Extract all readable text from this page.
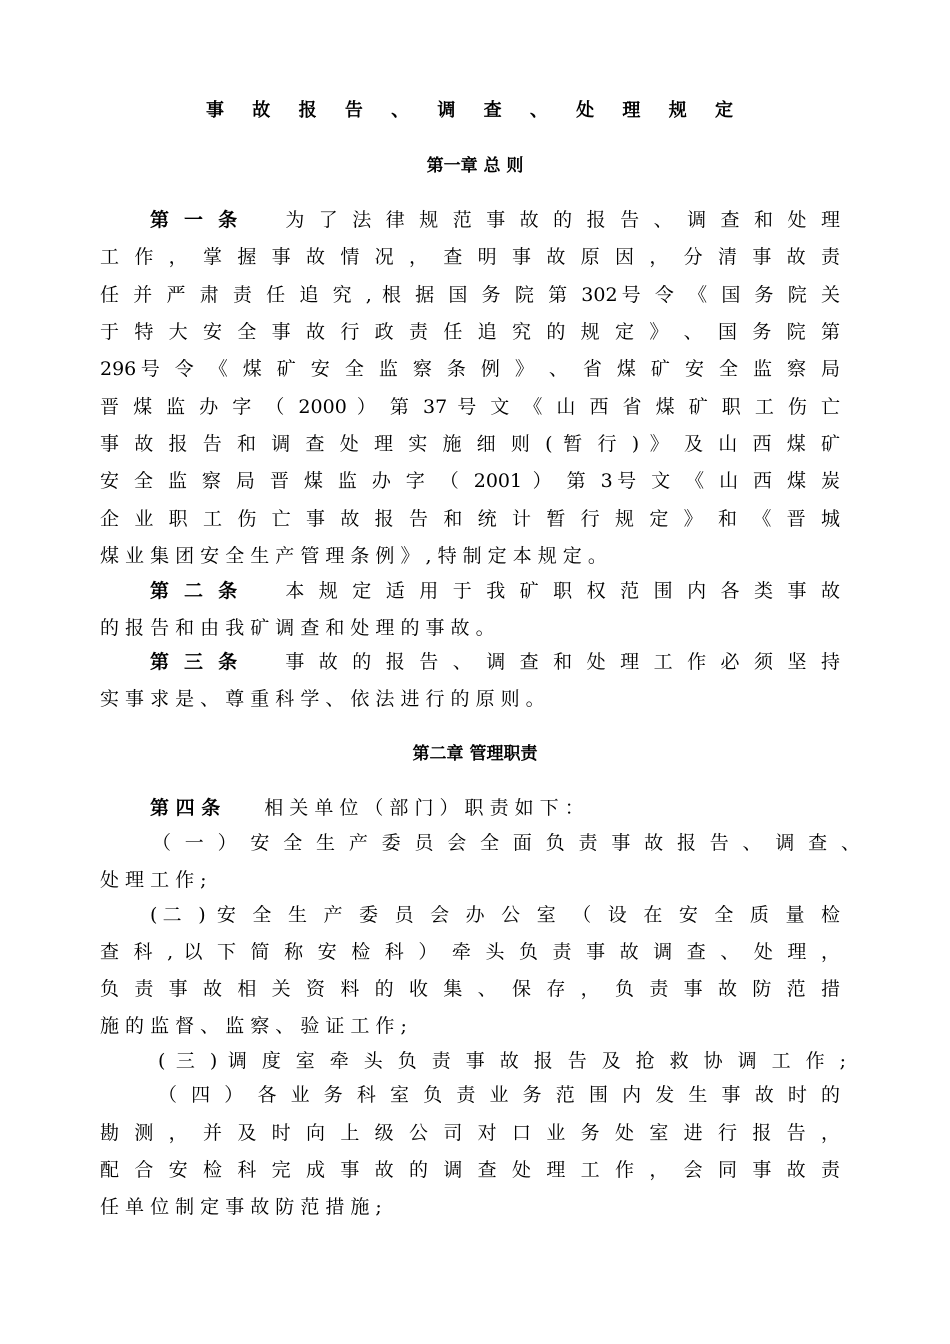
事 故 报 告 、 调 查 、 处 理 规 定
第一章 总 则
第 一 条 为 了 法 律 规 范 事 故 的 报 告 、 调 查 和 处 理
工 作 ， 掌 握 事 故 情 况 ， 查 明 事 故 原 因 ， 分 清 事 故 责
任 并 严 肃 责 任 追 究 , 根 据 国 务 院 第 302号 令 《 国 务 院 关
于 特 大 安 全 事 故 行 政 责 任 追 究 的 规 定 》 、 国 务 院 第
296号 令 《 煤 矿 安 全 监 察 条 例 》 、 省 煤 矿 安 全 监 察 局
晋 煤 监 办 字 （ 2000 ） 第 37 号 文 《 山 西 省 煤 矿 职 工 伤 亡
事 故 报 告 和 调 查 处 理 实 施 细 则 ( 暂 行 ) 》 及 山 西 煤 矿
安 全 监 察 局 晋 煤 监 办 字 （ 2001 ） 第 3号 文 《 山 西 煤 炭
企 业 职 工 伤 亡 事 故 报 告 和 统 计 暂 行 规 定 》 和 《 晋 城
煤 业 集 团 安 全 生 产 管 理 条 例 》 , 特 制 定 本 规 定 。
第 二 条 本 规 定 适 用 于 我 矿 职 权 范 围 内 各 类 事 故
的 报 告 和 由 我 矿 调 查 和 处 理 的 事 故 。
第 三 条 事 故 的 报 告 、 调 查 和 处 理 工 作 必 须 坚 持
实 事 求 是 、 尊 重 科 学 、 依 法 进 行 的 原 则 。
第二章 管理职责
第 四 条 相 关 单 位 （ 部 门 ） 职 责 如 下 ：
（ 一 ） 安 全 生 产 委 员 会 全 面 负 责 事 故 报 告 、 调 查 、
处 理 工 作 ;
(二 ) 安 全 生 产 委 员 会 办 公 室 （ 设 在 安 全 质 量 检
查 科 , 以 下 简 称 安 检 科 ） 牵 头 负 责 事 故 调 查 、 处 理 ，
负 责 事 故 相 关 资 料 的 收 集 、 保 存 ， 负 责 事 故 防 范 措
施 的 监 督 、 监 察 、 验 证 工 作 ;
( 三 ) 调 度 室 牵 头 负 责 事 故 报 告 及 抢 救 协 调 工 作 ;
（ 四 ） 各 业 务 科 室 负 责 业 务 范 围 内 发 生 事 故 时 的
勘 测 ， 并 及 时 向 上 级 公 司 对 口 业 务 处 室 进 行 报 告 ，
配 合 安 检 科 完 成 事 故 的 调 查 处 理 工 作 ， 会 同 事 故 责
任 单 位 制 定 事 故 防 范 措 施 ;
